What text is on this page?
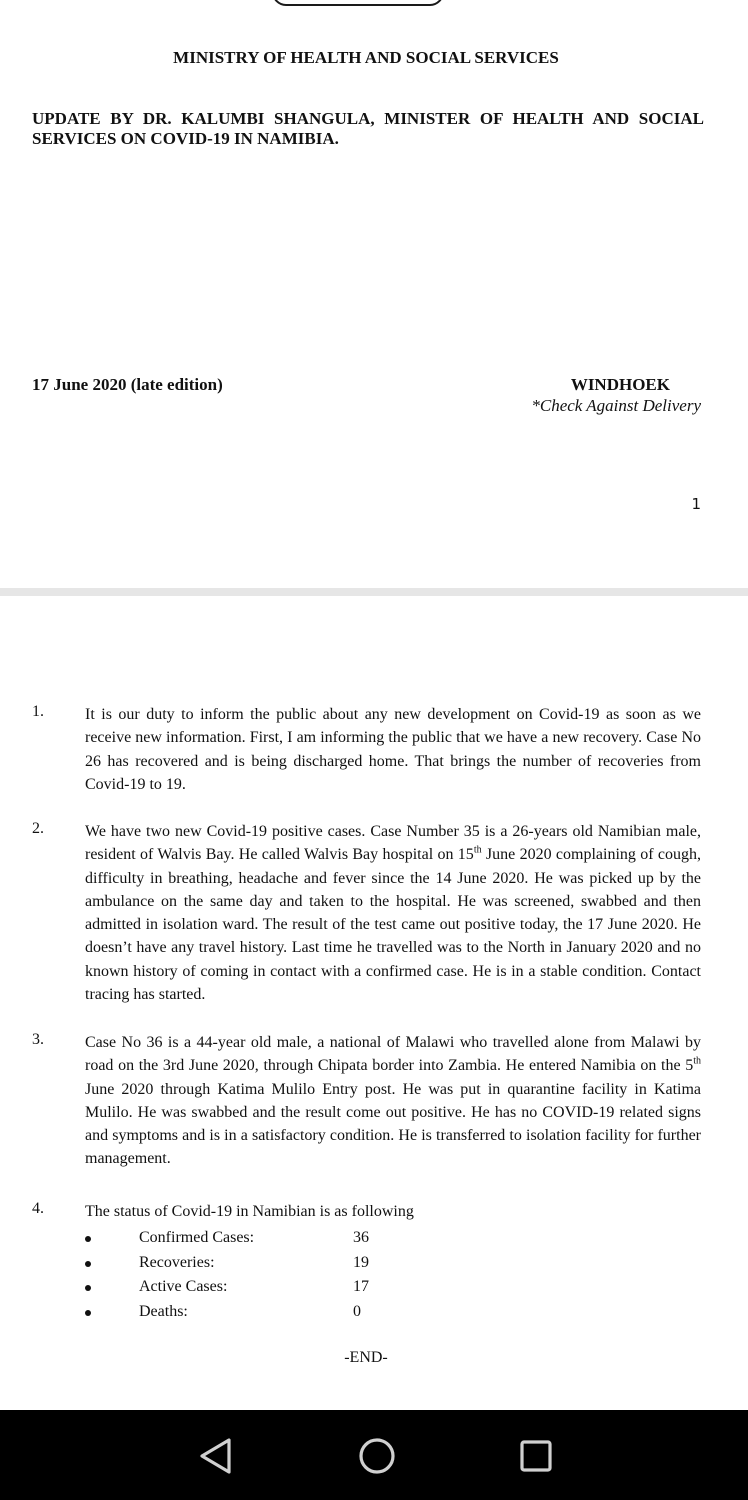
MINISTRY OF HEALTH AND SOCIAL SERVICES
UPDATE BY DR. KALUMBI SHANGULA, MINISTER OF HEALTH AND SOCIAL SERVICES ON COVID-19 IN NAMIBIA.
17 June 2020 (late edition)	WINDHOEK
*Check Against Delivery
1
1.	It is our duty to inform the public about any new development on Covid-19 as soon as we receive new information. First, I am informing the public that we have a new recovery. Case No 26 has recovered and is being discharged home. That brings the number of recoveries from Covid-19 to 19.

2.	We have two new Covid-19 positive cases. Case Number 35 is a 26-years old Namibian male, resident of Walvis Bay. He called Walvis Bay hospital on 15th June 2020 complaining of cough, difficulty in breathing, headache and fever since the 14 June 2020. He was picked up by the ambulance on the same day and taken to the hospital. He was screened, swabbed and then admitted in isolation ward. The result of the test came out positive today, the 17 June 2020. He doesn’t have any travel history. Last time he travelled was to the North in January 2020 and no known history of coming in contact with a confirmed case. He is in a stable condition. Contact tracing has started.

3.	Case No 36 is a 44-year old male, a national of Malawi who travelled alone from Malawi by road on the 3rd June 2020, through Chipata border into Zambia. He entered Namibia on the 5th June 2020 through Katima Mulilo Entry post. He was put in quarantine facility in Katima Mulilo. He was swabbed and the result come out positive. He has no COVID-19 related signs and symptoms and is in a satisfactory condition. He is transferred to isolation facility for further management.

4.	The status of Covid-19 in Namibian is as following

Confirmed Cases:	36
Recoveries:	19
Active Cases:	17
Deaths:	0
-END-
